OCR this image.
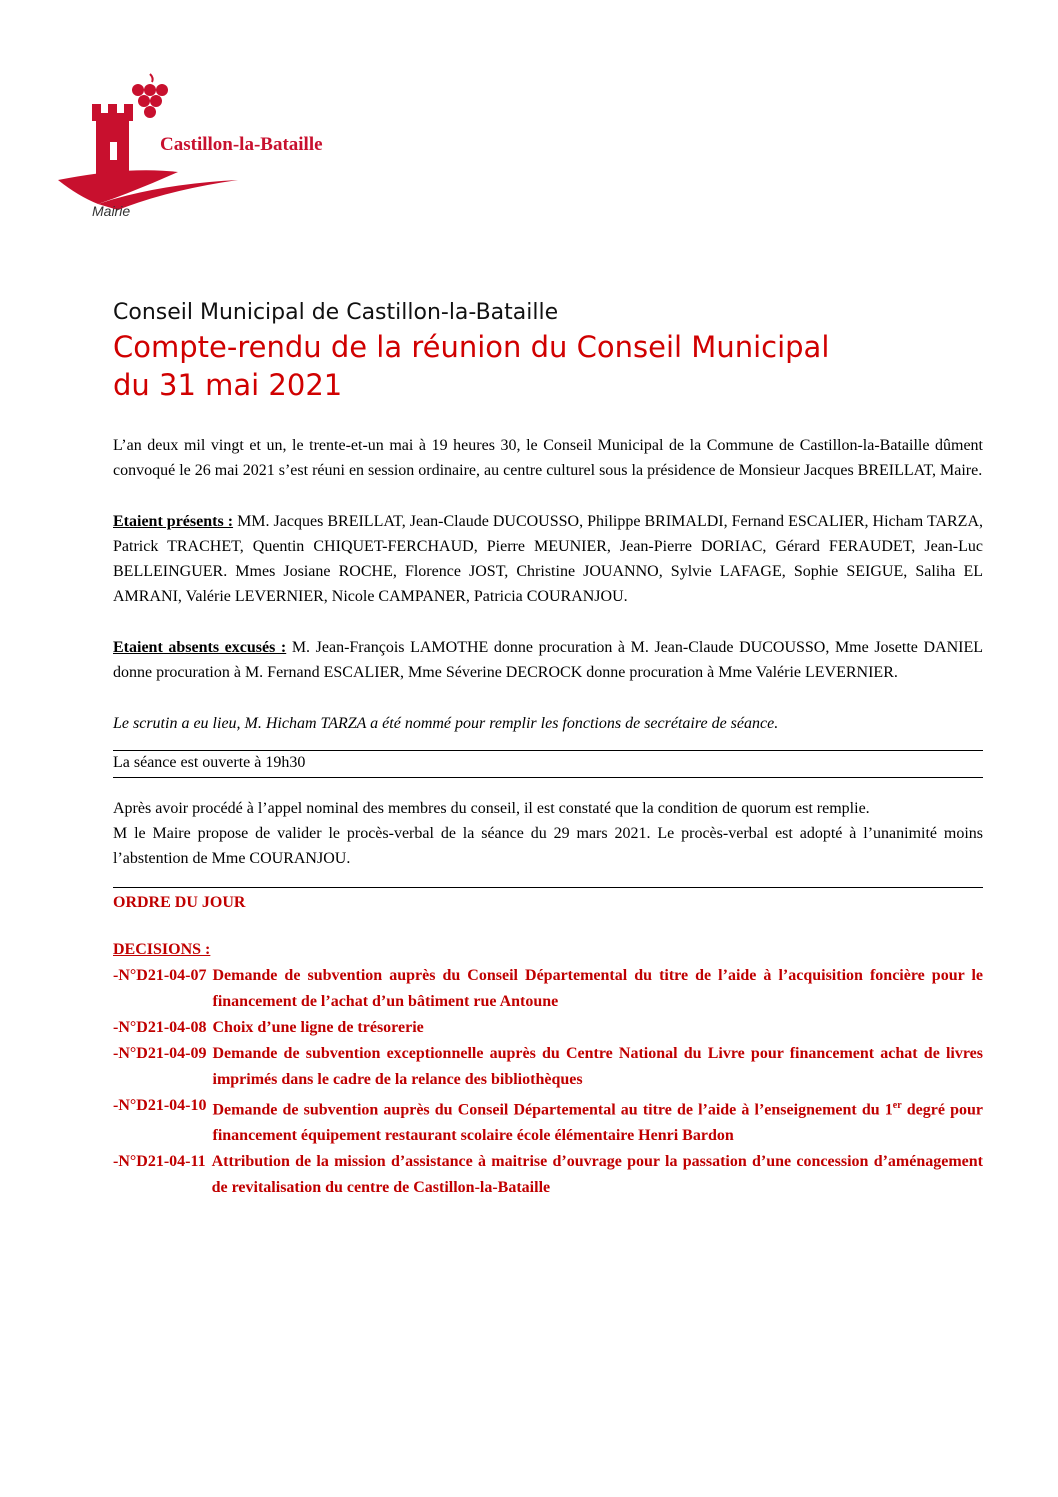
Castillon-la-Bataille
Mairie
Conseil Municipal de Castillon-la-Bataille
Compte-rendu de la réunion du Conseil Municipal
du 31 mai 2021

L’an deux mil vingt et un, le trente-et-un mai à 19 heures 30, le Conseil Municipal de la Commune de Castillon-la-Bataille dûment convoqué le 26 mai 2021 s’est réuni en session ordinaire, au centre culturel sous la présidence de Monsieur Jacques BREILLAT, Maire.

Etaient présents : MM. Jacques BREILLAT, Jean-Claude DUCOUSSO, Philippe BRIMALDI, Fernand ESCALIER, Hicham TARZA, Patrick TRACHET, Quentin CHIQUET-FERCHAUD, Pierre MEUNIER, Jean-Pierre DORIAC, Gérard FERAUDET, Jean-Luc BELLEINGUER. Mmes Josiane ROCHE, Florence JOST, Christine JOUANNO, Sylvie LAFAGE, Sophie SEIGUE, Saliha EL AMRANI, Valérie LEVERNIER, Nicole CAMPANER, Patricia COURANJOU.

Etaient absents excusés : M. Jean-François LAMOTHE donne procuration à M. Jean-Claude DUCOUSSO, Mme Josette DANIEL donne procuration à M. Fernand ESCALIER, Mme Séverine DECROCK donne procuration à Mme Valérie LEVERNIER.

Le scrutin a eu lieu, M. Hicham TARZA a été nommé pour remplir les fonctions de secrétaire de séance.

La séance est ouverte à 19h30

Après avoir procédé à l’appel nominal des membres du conseil, il est constaté que la condition de quorum est remplie.

M le Maire propose de valider le procès-verbal de la séance du 29 mars 2021. Le procès-verbal est adopté à l’unanimité moins l’abstention de Mme COURANJOU.

ORDRE DU JOUR

DECISIONS :

-N°D21-04-07 Demande de subvention auprès du Conseil Départemental du titre de l’aide à l’acquisition foncière pour le financement de l’achat d’un bâtiment rue Antoune
-N°D21-04-08 Choix d’une ligne de trésorerie
-N°D21-04-09 Demande de subvention exceptionnelle auprès du Centre National du Livre pour financement achat de livres imprimés dans le cadre de la relance des bibliothèques
-N°D21-04-10 Demande de subvention auprès du Conseil Départemental au titre de l’aide à l’enseignement du 1er degré pour financement équipement restaurant scolaire école élémentaire Henri Bardon
-N°D21-04-11 Attribution de la mission d’assistance à maitrise d’ouvrage pour la passation d’une concession d’aménagement de revitalisation du centre de Castillon-la-Bataille
